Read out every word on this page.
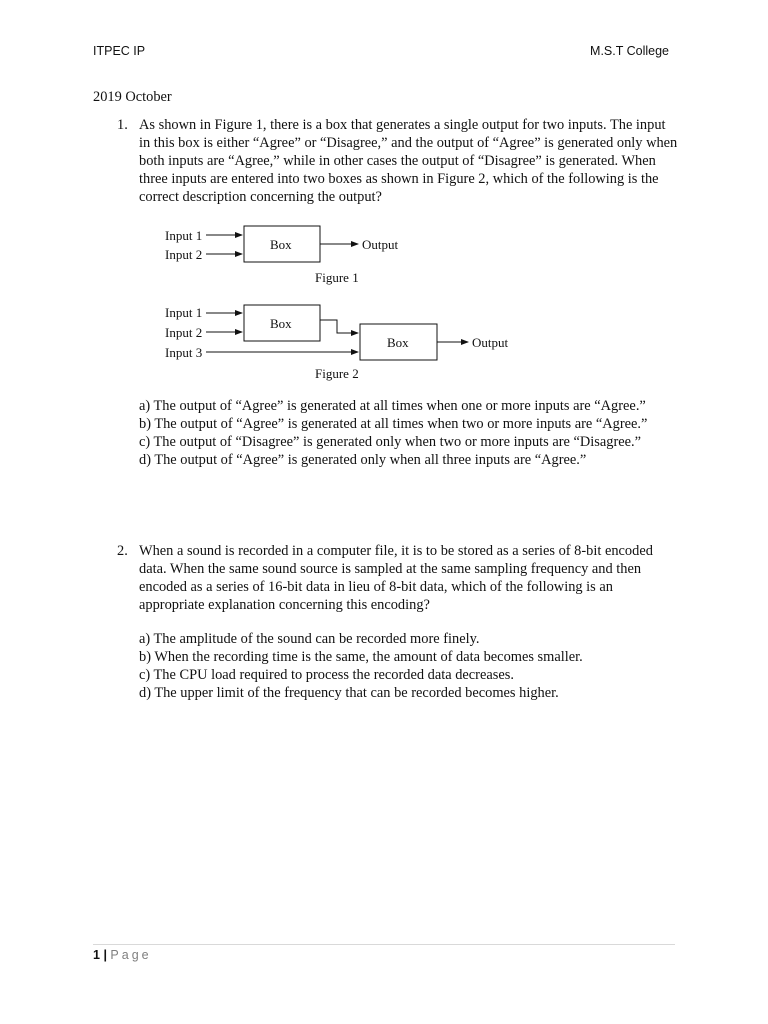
ITPEC IP	M.S.T College
2019 October
1. As shown in Figure 1, there is a box that generates a single output for two inputs. The input in this box is either “Agree” or “Disagree,” and the output of “Agree” is generated only when both inputs are “Agree,” while in other cases the output of “Disagree” is generated. When three inputs are entered into two boxes as shown in Figure 2, which of the following is the correct description concerning the output?
Input 1
Input 2
Box	Output
Figure 1
Input 1
Input 2
Input 3
Box
Box	Output
Figure 2
a) The output of “Agree” is generated at all times when one or more inputs are “Agree.”
b) The output of “Agree” is generated at all times when two or more inputs are “Agree.”
c) The output of “Disagree” is generated only when two or more inputs are “Disagree.”
d) The output of “Agree” is generated only when all three inputs are “Agree.”
2. When a sound is recorded in a computer file, it is to be stored as a series of 8-bit encoded data. When the same sound source is sampled at the same sampling frequency and then encoded as a series of 16-bit data in lieu of 8-bit data, which of the following is an appropriate explanation concerning this encoding?
a) The amplitude of the sound can be recorded more finely.
b) When the recording time is the same, the amount of data becomes smaller.
c) The CPU load required to process the recorded data decreases.
d) The upper limit of the frequency that can be recorded becomes higher.
1 | Page
